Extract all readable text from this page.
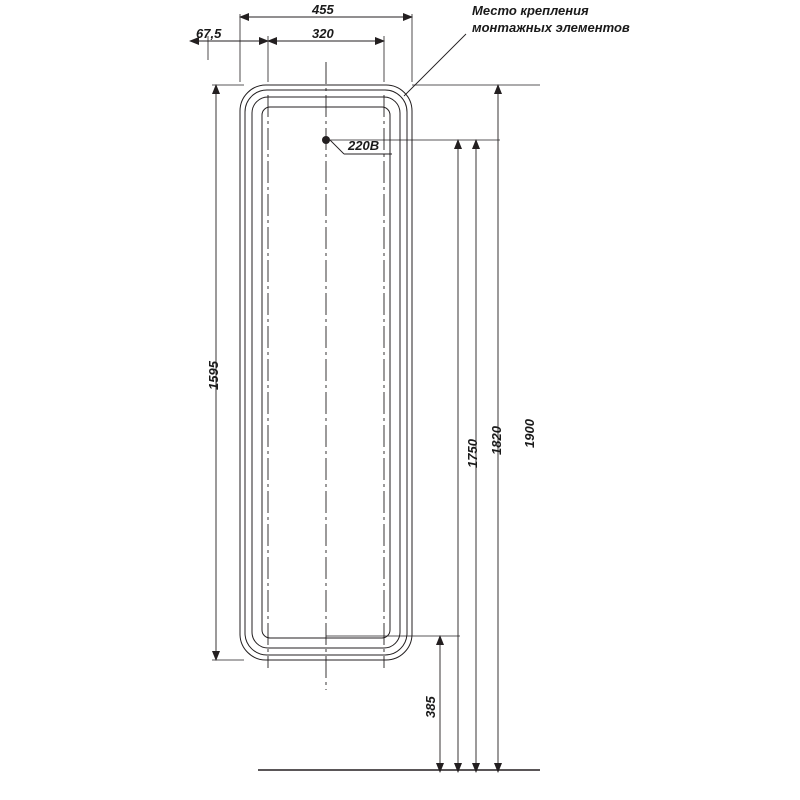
455
320
67,5
1595
1750 1820 1900
385
220В
Место крепления
монтажных элементов
